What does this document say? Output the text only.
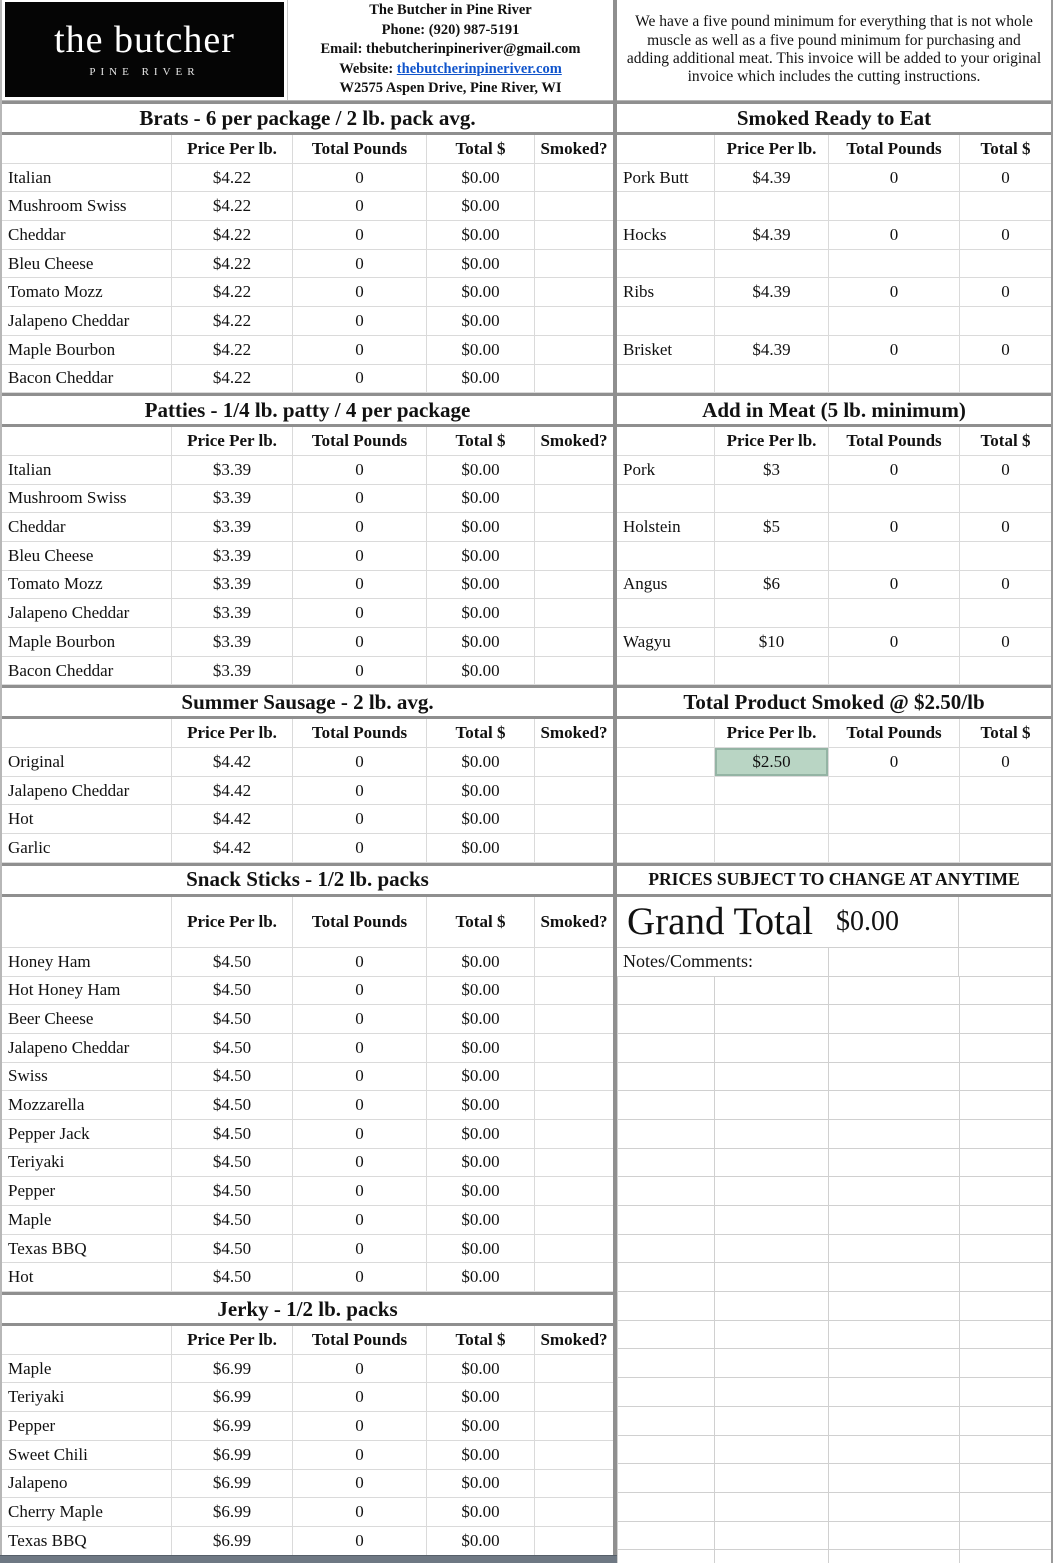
the butcher
PINE RIVER
The Butcher in Pine River
Phone: (920) 987-5191
Email: thebutcherinpineriver@gmail.com
Website: thebutcherinpineriver.com
W2575 Aspen Drive, Pine River, WI
Brats - 6 per package / 2 lb. pack avg.
Price Per lb.	Total Pounds	Total $	Smoked?
Italian	$4.22	0	$0.00
Mushroom Swiss	$4.22	0	$0.00
Cheddar	$4.22	0	$0.00
Bleu Cheese	$4.22	0	$0.00
Tomato Mozz	$4.22	0	$0.00
Jalapeno Cheddar	$4.22	0	$0.00
Maple Bourbon	$4.22	0	$0.00
Bacon Cheddar	$4.22	0	$0.00
Patties - 1/4 lb. patty / 4 per package
Price Per lb.	Total Pounds	Total $	Smoked?
Italian	$3.39	0	$0.00
Mushroom Swiss	$3.39	0	$0.00
Cheddar	$3.39	0	$0.00
Bleu Cheese	$3.39	0	$0.00
Tomato Mozz	$3.39	0	$0.00
Jalapeno Cheddar	$3.39	0	$0.00
Maple Bourbon	$3.39	0	$0.00
Bacon Cheddar	$3.39	0	$0.00
Summer Sausage - 2 lb. avg.
Price Per lb.	Total Pounds	Total $	Smoked?
Original	$4.42	0	$0.00
Jalapeno Cheddar	$4.42	0	$0.00
Hot	$4.42	0	$0.00
Garlic	$4.42	0	$0.00
Snack Sticks - 1/2 lb. packs
Price Per lb.	Total Pounds	Total $	Smoked?
Honey Ham	$4.50	0	$0.00
Hot Honey Ham	$4.50	0	$0.00
Beer Cheese	$4.50	0	$0.00
Jalapeno Cheddar	$4.50	0	$0.00
Swiss	$4.50	0	$0.00
Mozzarella	$4.50	0	$0.00
Pepper Jack	$4.50	0	$0.00
Teriyaki	$4.50	0	$0.00
Pepper	$4.50	0	$0.00
Maple	$4.50	0	$0.00
Texas BBQ	$4.50	0	$0.00
Hot	$4.50	0	$0.00
Jerky - 1/2 lb. packs
Price Per lb.	Total Pounds	Total $	Smoked?
Maple	$6.99	0	$0.00
Teriyaki	$6.99	0	$0.00
Pepper	$6.99	0	$0.00
Sweet Chili	$6.99	0	$0.00
Jalapeno	$6.99	0	$0.00
Cherry Maple	$6.99	0	$0.00
Texas BBQ	$6.99	0	$0.00
We have a five pound minimum for everything that is not whole muscle as well as a five pound minimum for purchasing and adding additional meat. This invoice will be added to your original invoice which includes the cutting instructions.
Smoked Ready to Eat
Price Per lb.	Total Pounds	Total $
Pork Butt	$4.39	0	0
Hocks	$4.39	0	0
Ribs	$4.39	0	0
Brisket	$4.39	0	0
Add in Meat (5 lb. minimum)
Price Per lb.	Total Pounds	Total $
Pork	$3	0	0
Holstein	$5	0	0
Angus	$6	0	0
Wagyu	$10	0	0
Total Product Smoked @ $2.50/lb
Price Per lb.	Total Pounds	Total $
$2.50	0	0
PRICES SUBJECT TO CHANGE AT ANYTIME
Grand Total $0.00
Notes/Comments:
